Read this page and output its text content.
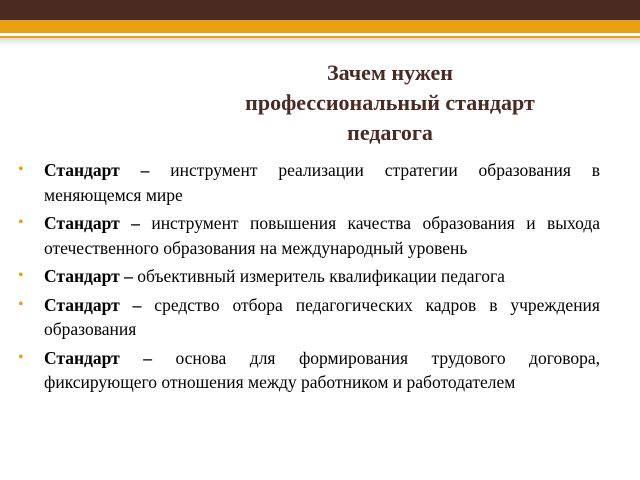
Зачем нужен
профессиональный стандарт
педагога
• Стандарт – инструмент реализации стратегии образования в меняющемся мире
• Стандарт – инструмент повышения качества образования и выхода отечественного образования на международный уровень
• Стандарт – объективный измеритель квалификации педагога
• Стандарт – средство отбора педагогических кадров в учреждения образования
• Стандарт – основа для формирования трудового договора, фиксирующего отношения между работником и работодателем
